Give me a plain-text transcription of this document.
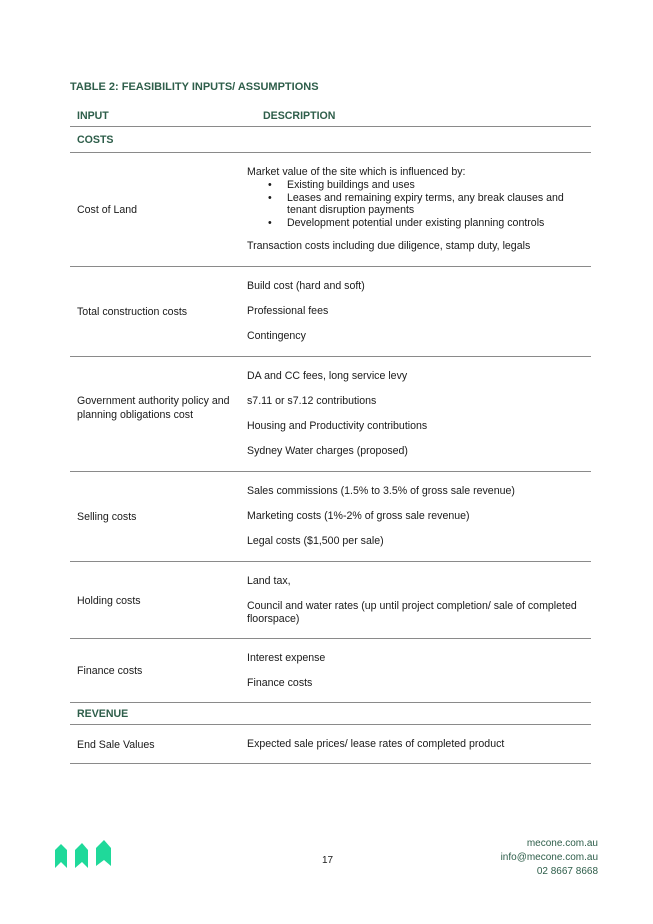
TABLE 2: FEASIBILITY INPUTS/ ASSUMPTIONS
INPUT	DESCRIPTION
COSTS
Cost of Land

Market value of the site which is influenced by:

• Existing buildings and uses
• Leases and remaining expiry terms, any break clauses and tenant disruption payments
• Development potential under existing planning controls

Transaction costs including due diligence, stamp duty, legals

Total construction costs

Build cost (hard and soft)

Professional fees

Contingency

Government authority policy and planning obligations cost

DA and CC fees, long service levy

s7.11 or s7.12 contributions

Housing and Productivity contributions

Sydney Water charges (proposed)

Selling costs

Sales commissions (1.5% to 3.5% of gross sale revenue)

Marketing costs (1%-2% of gross sale revenue)

Legal costs ($1,500 per sale)

Holding costs

Land tax,

Council and water rates (up until project completion/ sale of completed floorspace)

Finance costs

Interest expense

Finance costs

REVENUE
End Sale Values	Expected sale prices/ lease rates of completed product
17
mecone.com.au
info@mecone.com.au
02 8667 8668
